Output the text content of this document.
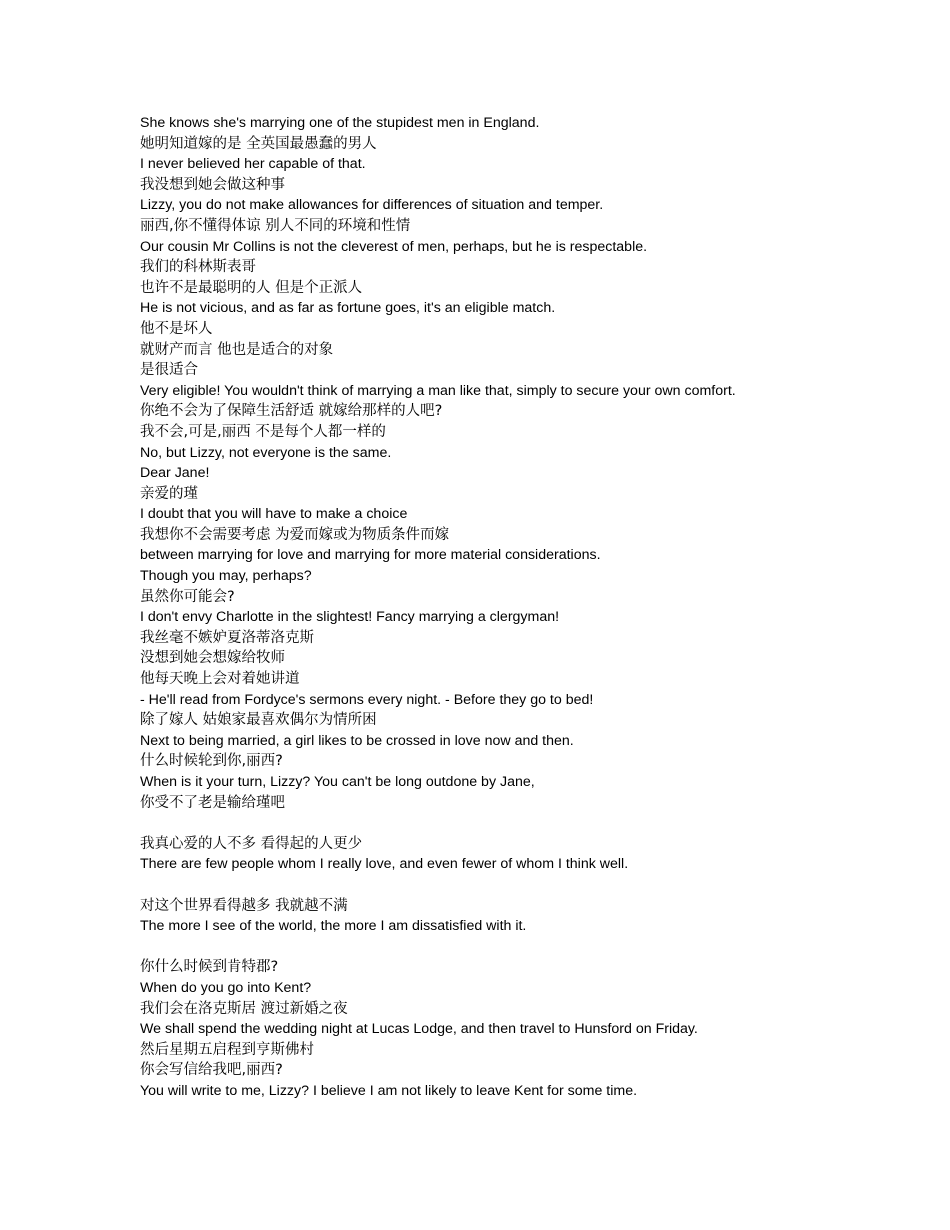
She knows she's marrying one of the stupidest men in England.
她明知道嫁的是 全英国最愚蠢的男人
I never believed her capable of that.
我没想到她会做这种事
Lizzy, you do not make allowances for differences of situation and temper.
丽西,你不懂得体谅 别人不同的环境和性情
Our cousin Mr Collins is not the cleverest of men, perhaps, but he is respectable.
我们的科林斯表哥
也许不是最聪明的人 但是个正派人
He is not vicious, and as far as fortune goes, it's an eligible match.
他不是坏人
就财产而言 他也是适合的对象
是很适合
Very eligible! You wouldn't think of marrying a man like that, simply to secure your own comfort.
你绝不会为了保障生活舒适 就嫁给那样的人吧?
我不会,可是,丽西 不是每个人都一样的
No, but Lizzy, not everyone is the same.
Dear Jane!
亲爱的瑾
I doubt that you will have to make a choice
我想你不会需要考虑 为爱而嫁或为物质条件而嫁
between marrying for love and marrying for more material considerations.
Though you may, perhaps?
虽然你可能会?
I don't envy Charlotte in the slightest! Fancy marrying a clergyman!
我丝毫不嫉妒夏洛蒂洛克斯
没想到她会想嫁给牧师
他每天晚上会对着她讲道
- He'll read from Fordyce's sermons every night. - Before they go to bed!
除了嫁人 姑娘家最喜欢偶尔为情所困
Next to being married, a girl likes to be crossed in love now and then.
什么时候轮到你,丽西?
When is it your turn, Lizzy? You can't be long outdone by Jane,
你受不了老是输给瑾吧
我真心爱的人不多 看得起的人更少
There are few people whom I really love, and even fewer of whom I think well.
对这个世界看得越多 我就越不满
The more I see of the world, the more I am dissatisfied with it.
你什么时候到肯特郡?
When do you go into Kent?
我们会在洛克斯居 渡过新婚之夜
We shall spend the wedding night at Lucas Lodge, and then travel to Hunsford on Friday.
然后星期五启程到亨斯佛村
你会写信给我吧,丽西?
You will write to me, Lizzy? I believe I am not likely to leave Kent for some time.
